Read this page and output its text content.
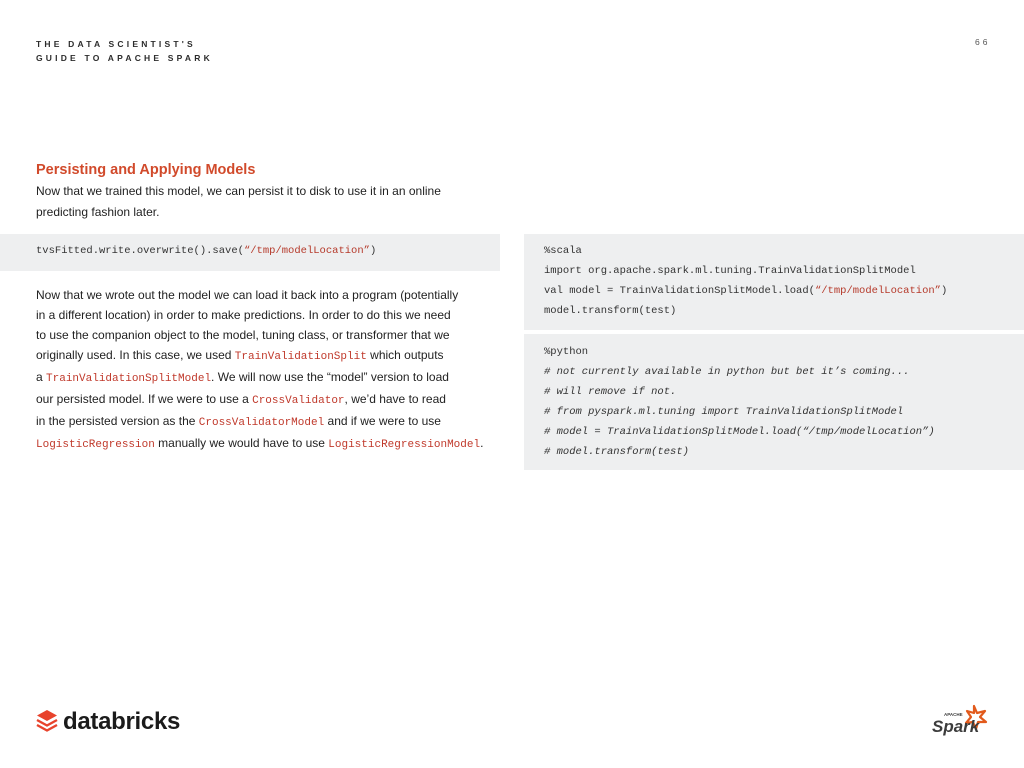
THE DATA SCIENTIST'S
GUIDE TO APACHE SPARK
66
Persisting and Applying Models
Now that we trained this model, we can persist it to disk to use it in an online predicting fashion later.
tvsFitted.write.overwrite().save(“/tmp/modelLocation”)	%scala
import org.apache.spark.ml.tuning.TrainValidationSplitModel
val model = TrainValidationSplitModel.load(“/tmp/modelLocation”)
model.transform(test)
%python
# not currently available in python but bet it’s coming...
# will remove if not.
# from pyspark.ml.tuning import TrainValidationSplitModel
# model = TrainValidationSplitModel.load(“/tmp/modelLocation”)
# model.transform(test)
Now that we wrote out the model we can load it back into a program (potentially
in a different location) in order to make predictions. In order to do this we need
to use the companion object to the model, tuning class, or transformer that we
originally used. In this case, we used TrainValidationSplit which outputs
a TrainValidationSplitModel. We will now use the “model” version to load
our persisted model. If we were to use a CrossValidator, we’d have to read
in the persisted version as the CrossValidatorModel and if we were to use
LogisticRegression manually we would have to use LogisticRegressionModel.
databricks	APACHE
Spark
